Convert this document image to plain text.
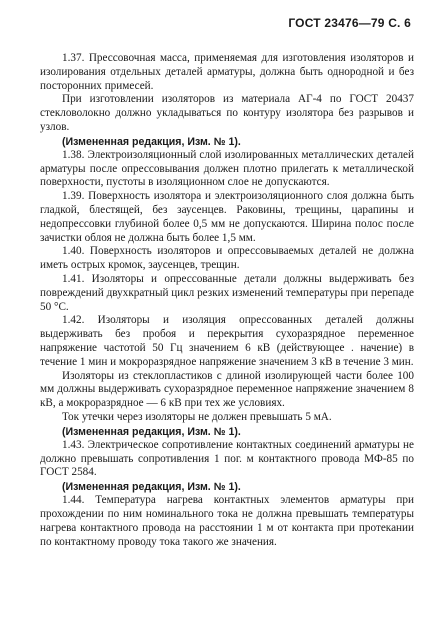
ГОСТ 23476—79 С. 6

1.37. Прессовочная масса, применяемая для изготовления изоляторов и изолирования отдельных деталей арматуры, должна быть однородной и без посторонних примесей.

При изготовлении изоляторов из материала АГ-4 по ГОСТ 20437 стекловолокно должно укладываться по контуру изолятора без разрывов и узлов.

(Измененная редакция, Изм. № 1).

1.38. Электроизоляционный слой изолированных металлических деталей арматуры после опрессовывания должен плотно прилегать к металлической поверхности, пустоты в изоляционном слое не допускаются.

1.39. Поверхность изолятора и электроизоляционного слоя должна быть гладкой, блестящей, без заусенцев. Раковины, трещины, царапины и недопрессовки глубиной более 0,5 мм не допускаются. Ширина полос после зачистки облоя не должна быть более 1,5 мм.

1.40. Поверхность изоляторов и опрессовываемых деталей не должна иметь острых кромок, заусенцев, трещин.

1.41. Изоляторы и опрессованные детали должны выдерживать без повреждений двухкратный цикл резких изменений температуры при перепаде 50 °С.

1.42. Изоляторы и изоляция опрессованных деталей должны выдерживать без пробоя и перекрытия сухоразрядное переменное напряжение частотой 50 Гц значением 6 кВ (действующее . начение) в течение 1 мин и мокроразрядное напряжение значением 3 кВ в течение 3 мин.

Изоляторы из стеклопластиков с длиной изолирующей части более 100 мм должны выдерживать сухоразрядное переменное напряжение значением 8 кВ, а мокроразрядное — 6 кВ при тех же условиях.

Ток утечки через изоляторы не должен превышать 5 мА.

(Измененная редакция, Изм. № 1).

1.43. Электрическое сопротивление контактных соединений арматуры не должно превышать сопротивления 1 пог. м контактного провода МФ-85 по ГОСТ 2584.

(Измененная редакция, Изм. № 1).

1.44. Температура нагрева контактных элементов арматуры при прохождении по ним номинального тока не должна превышать температуры нагрева контактного провода на расстоянии 1 м от контакта при протекании по контактному проводу тока такого же значения.
